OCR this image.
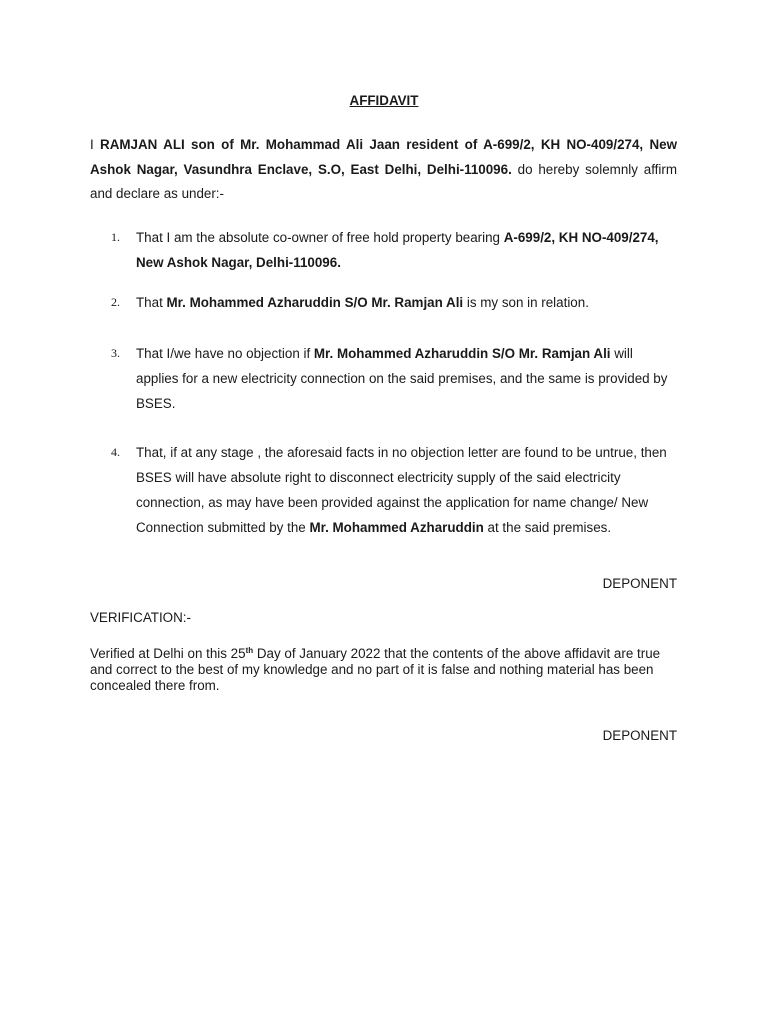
AFFIDAVIT
I RAMJAN ALI son of Mr. Mohammad Ali Jaan resident of A-699/2, KH NO-409/274, New Ashok Nagar, Vasundhra Enclave, S.O, East Delhi, Delhi-110096. do hereby solemnly affirm and declare as under:-
1. That I am the absolute co-owner of free hold property bearing A-699/2, KH NO-409/274, New Ashok Nagar, Delhi-110096.
2. That Mr. Mohammed Azharuddin S/O Mr. Ramjan Ali is my son in relation.
3. That I/we have no objection if Mr. Mohammed Azharuddin S/O Mr. Ramjan Ali will applies for a new electricity connection on the said premises, and the same is provided by BSES.
4. That, if at any stage , the aforesaid facts in no objection letter are found to be untrue, then BSES will have absolute right to disconnect electricity supply of the said electricity connection, as may have been provided against the application for name change/ New Connection submitted by the Mr. Mohammed Azharuddin at the said premises.
DEPONENT
VERIFICATION:-
Verified at Delhi on this 25th Day of January 2022 that the contents of the above affidavit are true and correct to the best of my knowledge and no part of it is false and nothing material has been concealed there from.
DEPONENT
